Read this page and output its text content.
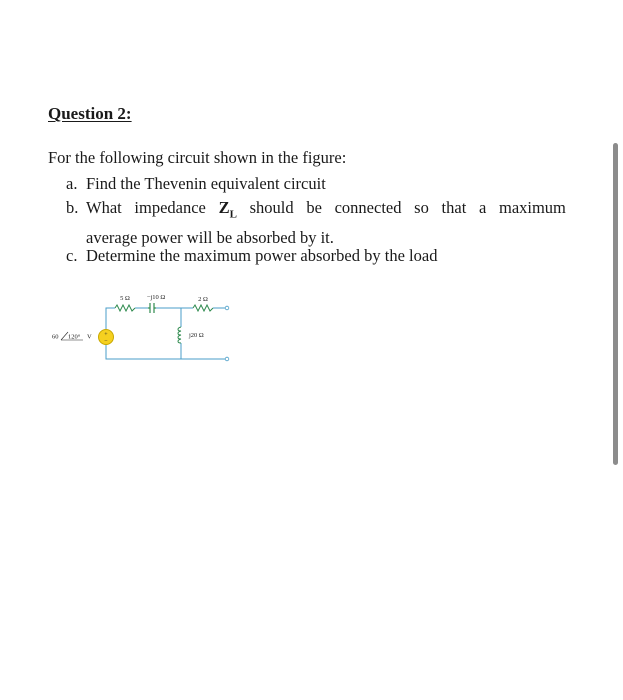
Question 2:
For the following circuit shown in the figure:
a. Find the Thevenin equivalent circuit
b. What impedance $Z_L$ should be connected so that a maximum
average power will be absorbed by it.
c. Determine the maximum power absorbed by the load
+
−
5 Ω	−j10 Ω	2 Ω
j20 Ω
60 120° V
